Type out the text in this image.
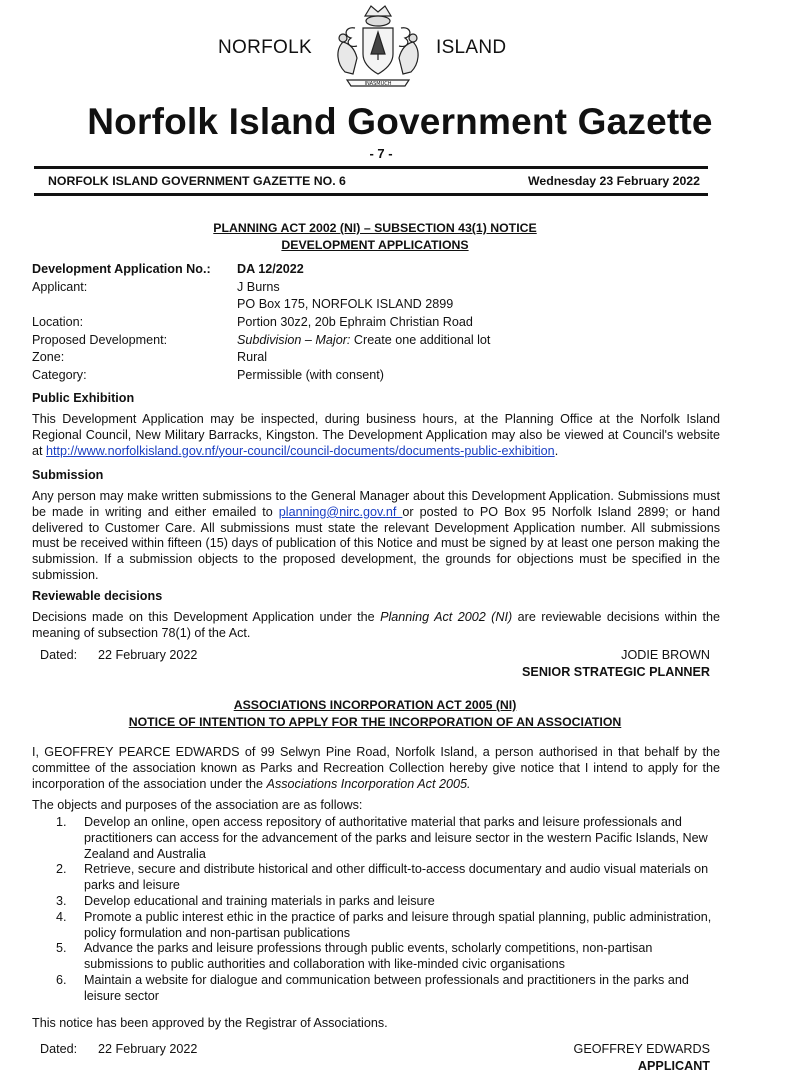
NORFOLK
INASMUCH
ISLAND
Norfolk Island Government Gazette
- 7 -
NORFOLK ISLAND GOVERNMENT GAZETTE NO. 6	Wednesday 23 February 2022
PLANNING ACT 2002 (NI) – SUBSECTION 43(1) NOTICE
DEVELOPMENT APPLICATIONS
Development Application No.: DA 12/2022
Applicant:	J Burns
PO Box 175, NORFOLK ISLAND 2899
Location:	Portion 30z2, 20b Ephraim Christian Road
Proposed Development:	Subdivision – Major: Create one additional lot
Zone:	Rural
Category:	Permissible (with consent)
Public Exhibition
This Development Application may be inspected, during business hours, at the Planning Office at the Norfolk Island Regional Council, New Military Barracks, Kingston. The Development Application may also be viewed at Council's website at http://www.norfolkisland.gov.nf/your-council/council-documents/documents-public-exhibition.
Submission
Any person may make written submissions to the General Manager about this Development Application. Submissions must be made in writing and either emailed to planning@nirc.gov.nf or posted to PO Box 95 Norfolk Island 2899; or hand delivered to Customer Care. All submissions must state the relevant Development Application number. All submissions must be received within fifteen (15) days of publication of this Notice and must be signed by at least one person making the submission. If a submission objects to the proposed development, the grounds for objections must be specified in the submission.
Reviewable decisions
Decisions made on this Development Application under the Planning Act 2002 (NI) are reviewable decisions within the meaning of subsection 78(1) of the Act.
Dated: 22 February 2022	JODIE BROWN
SENIOR STRATEGIC PLANNER
ASSOCIATIONS INCORPORATION ACT 2005 (NI)
NOTICE OF INTENTION TO APPLY FOR THE INCORPORATION OF AN ASSOCIATION
I, GEOFFREY PEARCE EDWARDS of 99 Selwyn Pine Road, Norfolk Island, a person authorised in that behalf by the committee of the association known as Parks and Recreation Collection hereby give notice that I intend to apply for the incorporation of the association under the Associations Incorporation Act 2005.
The objects and purposes of the association are as follows:
1. Develop an online, open access repository of authoritative material that parks and leisure professionals and practitioners can access for the advancement of the parks and leisure sector in the western Pacific Islands, New Zealand and Australia
2. Retrieve, secure and distribute historical and other difficult-to-access documentary and audio visual materials on parks and leisure
3. Develop educational and training materials in parks and leisure
4. Promote a public interest ethic in the practice of parks and leisure through spatial planning, public administration, policy formulation and non-partisan publications
5. Advance the parks and leisure professions through public events, scholarly competitions, non-partisan submissions to public authorities and collaboration with like-minded civic organisations
6. Maintain a website for dialogue and communication between professionals and practitioners in the parks and leisure sector
This notice has been approved by the Registrar of Associations.
Dated: 22 February 2022	GEOFFREY EDWARDS
APPLICANT
